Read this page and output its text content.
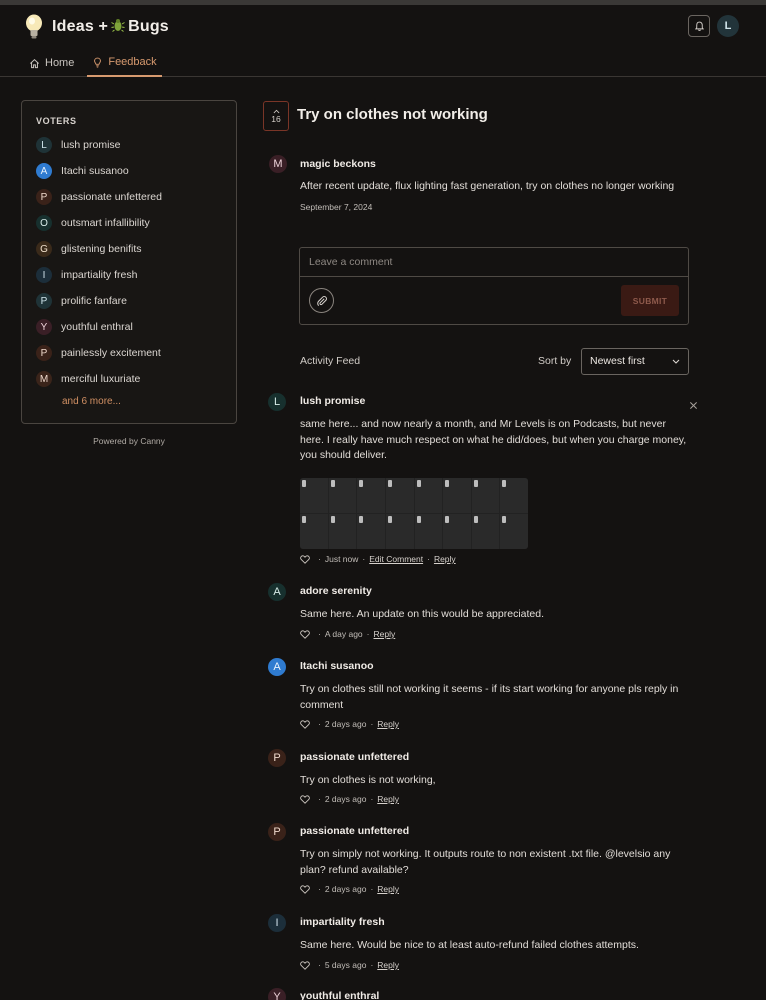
Ideas + Bugs	L
Home	Feedback
VOTERS
L	lush promise
A	Itachi susanoo
P	passionate unfettered
O	outsmart infallibility
G	glistening benifits
I	impartiality fresh
P	prolific fanfare
Y	youthful enthral
P	painlessly excitement
M	merciful luxuriate
and 6 more...
Powered by Canny
16 Try on clothes not working
M	magic beckons
After recent update, flux lighting fast generation, try on clothes no longer working
September 7, 2024
Leave a comment
SUBMIT
Activity Feed	Sort by	Newest first
L	lush promise
same here... and now nearly a month, and Mr Levels is on Podcasts, but never here. I really have much respect on what he did/does, but when you charge money, you should deliver.
· Just now · Edit Comment · Reply
A	adore serenity
Same here. An update on this would be appreciated.
· A day ago · Reply
A	Itachi susanoo
Try on clothes still not working it seems - if its start working for anyone pls reply in comment
· 2 days ago · Reply
P	passionate unfettered
Try on clothes is not working,
· 2 days ago · Reply
P	passionate unfettered
Try on simply not working. It outputs route to non existent .txt file. @levelsio any plan? refund available?
· 2 days ago · Reply
I	impartiality fresh
Same here. Would be nice to at least auto-refund failed clothes attempts.
· 5 days ago · Reply
Y	youthful enthral
